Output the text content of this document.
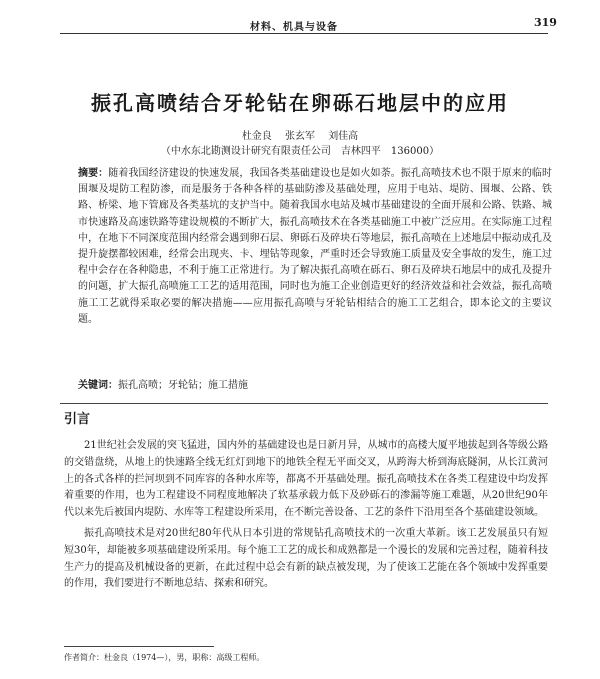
材料、机具与设备	319
振孔高喷结合牙轮钻在卵砾石地层中的应用
杜金良 张玄军 刘佳高
（中水东北勘测设计研究有限责任公司　吉林四平　136000）

摘要：随着我国经济建设的快速发展，我国各类基础建设也是如火如荼。振孔高喷技术也不限于原来的临时围堰及堤防工程防渗，而是服务于各种各样的基础防渗及基础处理，应用于电站、堤防、围堰、公路、铁路、桥梁、地下管廊及各类基坑的支护当中。随着我国水电站及城市基础建设的全面开展和公路、铁路、城市快速路及高速铁路等建设规模的不断扩大，振孔高喷技术在各类基础施工中被广泛应用。在实际施工过程中，在地下不同深度范围内经常会遇到卵石层、卵砾石及碎块石等地层，振孔高喷在上述地层中振动成孔及提升旋摆都较困难，经常会出现夹、卡、埋钻等现象，严重时还会导致施工质量及安全事故的发生，施工过程中会存在各种隐患，不利于施工正常进行。为了解决振孔高喷在砾石、卵石及碎块石地层中的成孔及提升的问题，扩大振孔高喷施工工艺的适用范围，同时也为施工企业创造更好的经济效益和社会效益，振孔高喷施工工艺就得采取必要的解决措施——应用振孔高喷与牙轮钻相结合的施工工艺组合，即本论文的主要议题。

关键词：振孔高喷；牙轮钻；施工措施

引言

21世纪社会发展的突飞猛进，国内外的基础建设也是日新月异，从城市的高楼大厦平地拔起到各等级公路的交错盘绕，从地上的快速路全线无红灯到地下的地铁全程无平面交叉，从跨海大桥到海底隧洞，从长江黄河上的各式各样的拦河坝到不同库容的各种水库等，都离不开基础处理。振孔高喷技术在各类工程建设中均发挥着重要的作用，也为工程建设不同程度地解决了软基承载力低下及砂砾石的渗漏等施工难题，从20世纪90年代以来先后被国内堤防、水库等工程建设所采用，在不断完善设备、工艺的条件下沿用至各个基础建设领域。

振孔高喷技术是对20世纪80年代从日本引进的常规钻孔高喷技术的一次重大革新。该工艺发展虽只有短短30年，却能被多项基础建设所采用。每个施工工艺的成长和成熟都是一个漫长的发展和完善过程，随着科技生产力的提高及机械设备的更新，在此过程中总会有新的缺点被发现，为了使该工艺能在各个领域中发挥重要的作用，我们要进行不断地总结、探索和研究。

作者简介：杜金良（1974—），男，职称：高级工程师。
